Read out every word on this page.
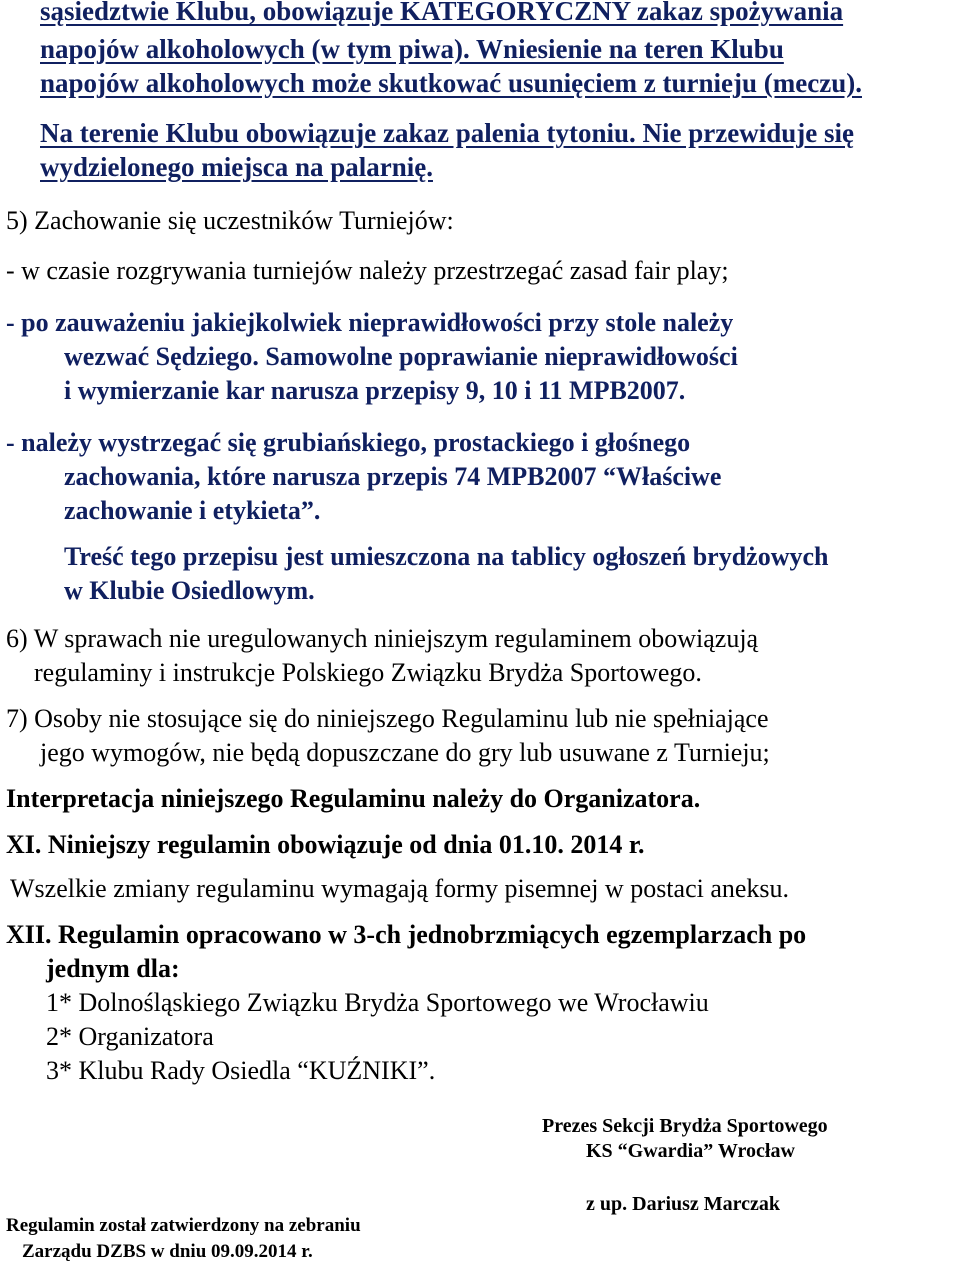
sąsiedztwie Klubu, obowiązuje KATEGORYCZNY zakaz spożywania
napojów alkoholowych (w tym piwa). Wniesienie na teren Klubu
napojów alkoholowych może skutkować usunięciem z turnieju (meczu).
Na terenie Klubu obowiązuje zakaz palenia tytoniu. Nie przewiduje się
wydzielonego miejsca na palarnię.
5) Zachowanie się uczestników Turniejów:
- w czasie rozgrywania turniejów należy przestrzegać zasad fair play;
- po zauważeniu jakiejkolwiek nieprawidłowości przy stole należy
wezwać Sędziego. Samowolne poprawianie nieprawidłowości
i wymierzanie kar narusza przepisy 9, 10 i 11 MPB2007.
- należy wystrzegać się grubiańskiego, prostackiego i głośnego
zachowania, które narusza przepis 74 MPB2007 “Właściwe
zachowanie i etykieta”.
Treść tego przepisu jest umieszczona na tablicy ogłoszeń brydżowych
w Klubie Osiedlowym.
6) W sprawach nie uregulowanych niniejszym regulaminem obowiązują
regulaminy i instrukcje Polskiego Związku Brydża Sportowego.
7) Osoby nie stosujące się do niniejszego Regulaminu lub nie spełniające
jego wymogów, nie będą dopuszczane do gry lub usuwane z Turnieju;
Interpretacja niniejszego Regulaminu należy do Organizatora.
XI. Niniejszy regulamin obowiązuje od dnia 01.10. 2014 r.
Wszelkie zmiany regulaminu wymagają formy pisemnej w postaci aneksu.
XII. Regulamin opracowano w 3-ch jednobrzmiących egzemplarzach po
jednym dla:
1* Dolnośląskiego Związku Brydża Sportowego we Wrocławiu
2* Organizatora
3* Klubu Rady Osiedla “KUŹNIKI”.
Prezes Sekcji Brydża Sportowego
KS “Gwardia” Wrocław
z up. Dariusz Marczak
Regulamin został zatwierdzony na zebraniu
Zarządu DZBS w dniu 09.09.2014 r.
